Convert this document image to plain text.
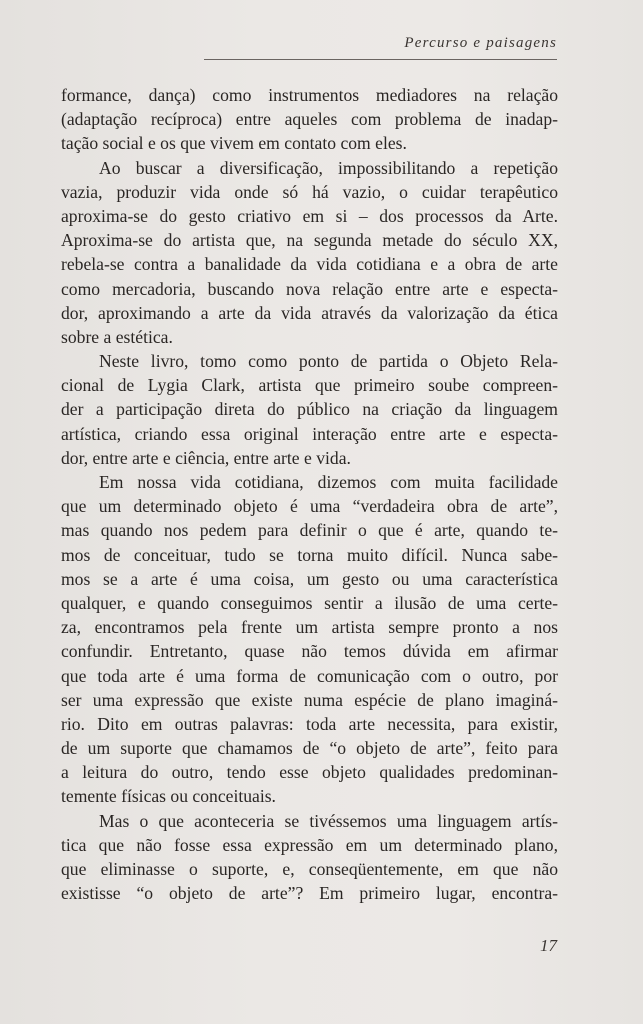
Percurso e paisagens
formance, dança) como instrumentos mediadores na relação
(adaptação recíproca) entre aqueles com problema de inadap-
tação social e os que vivem em contato com eles.
Ao buscar a diversificação, impossibilitando a repetição
vazia, produzir vida onde só há vazio, o cuidar terapêutico
aproxima-se do gesto criativo em si – dos processos da Arte.
Aproxima-se do artista que, na segunda metade do século XX,
rebela-se contra a banalidade da vida cotidiana e a obra de arte
como mercadoria, buscando nova relação entre arte e especta-
dor, aproximando a arte da vida através da valorização da ética
sobre a estética.
Neste livro, tomo como ponto de partida o Objeto Rela-
cional de Lygia Clark, artista que primeiro soube compreen-
der a participação direta do público na criação da linguagem
artística, criando essa original interação entre arte e especta-
dor, entre arte e ciência, entre arte e vida.
Em nossa vida cotidiana, dizemos com muita facilidade
que um determinado objeto é uma “verdadeira obra de arte”,
mas quando nos pedem para definir o que é arte, quando te-
mos de conceituar, tudo se torna muito difícil. Nunca sabe-
mos se a arte é uma coisa, um gesto ou uma característica
qualquer, e quando conseguimos sentir a ilusão de uma certe-
za, encontramos pela frente um artista sempre pronto a nos
confundir. Entretanto, quase não temos dúvida em afirmar
que toda arte é uma forma de comunicação com o outro, por
ser uma expressão que existe numa espécie de plano imaginá-
rio. Dito em outras palavras: toda arte necessita, para existir,
de um suporte que chamamos de “o objeto de arte”, feito para
a leitura do outro, tendo esse objeto qualidades predominan-
temente físicas ou conceituais.
Mas o que aconteceria se tivéssemos uma linguagem artís-
tica que não fosse essa expressão em um determinado plano,
que eliminasse o suporte, e, conseqüentemente, em que não
existisse “o objeto de arte”? Em primeiro lugar, encontra-
17
